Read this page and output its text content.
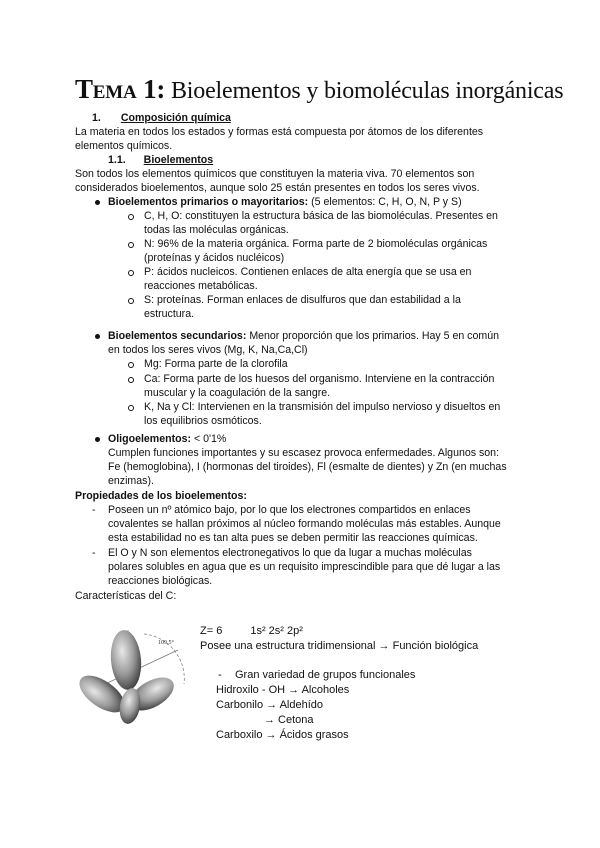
Tema 1: Bioelementos y biomoléculas inorgánicas
1. Composición química
La materia en todos los estados y formas está compuesta por átomos de los diferentes
elementos químicos.
1.1. Bioelementos
Son todos los elementos químicos que constituyen la materia viva. 70 elementos son
considerados bioelementos, aunque solo 25 están presentes en todos los seres vivos.
Bioelementos primarios o mayoritarios: (5 elementos: C, H, O, N, P y S)
C, H, O: constituyen la estructura básica de las biomoléculas. Presentes en
todas las moléculas orgánicas.
N: 96% de la materia orgánica. Forma parte de 2 biomoléculas orgánicas
(proteínas y ácidos nucléicos)
P: ácidos nucleicos. Contienen enlaces de alta energía que se usa en
reacciones metabólicas.
S: proteínas. Forman enlaces de disulfuros que dan estabilidad a la
estructura.
Bioelementos secundarios: Menor proporción que los primarios. Hay 5 en común
en todos los seres vivos (Mg, K, Na,Ca,Cl)
Mg: Forma parte de la clorofila
Ca: Forma parte de los huesos del organismo. Interviene en la contracción
muscular y la coagulación de la sangre.
K, Na y Cl: Intervienen en la transmisión del impulso nervioso y disueltos en
los equilibrios osmóticos.
Oligoelementos: < 0'1%
Cumplen funciones importantes y su escasez provoca enfermedades. Algunos son:
Fe (hemoglobina), I (hormonas del tiroides), Fl (esmalte de dientes) y Zn (en muchas
enzimas).
Propiedades de los bioelementos:
- Poseen un nº atómico bajo, por lo que los electrones compartidos en enlaces
covalentes se hallan próximos al núcleo formando moléculas más estables. Aunque
esta estabilidad no es tan alta pues se deben permitir las reacciones químicas.
- El O y N son elementos electronegativos lo que da lugar a muchas moléculas
polares solubles en agua que es un requisito imprescindible para que dé lugar a las
reacciones biológicas.
Características del C:
109,5°
Z= 6	1s² 2s² 2p²
Posee una estructura tridimensional → Función biológica
- Gran variedad de grupos funcionales
Hidroxilo - OH → Alcoholes
Carbonilo → Aldehído
→ Cetona
Carboxilo → Ácidos grasos
